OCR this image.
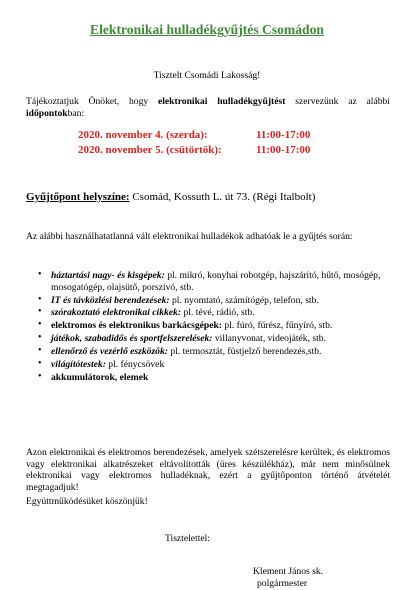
Elektronikai hulladékgyűjtés Csomádon
Tisztelt Csomádi Lakosság!
Tájékoztatjuk Önöket, hogy elektronikai hulladékgyűjtést szervezünk az alábbi időpontokban:
2020. november 4. (szerda):	11:00-17:00
2020. november 5. (csütörtök):	11:00-17:00
Gyűjtőpont helyszíne: Csomád, Kossuth L. út 73. (Régi Italbolt)
Az alábbi használhatatlanná vált elektronikai hulladékok adhatóak le a gyűjtés során:
• háztartási nagy- és kisgépek: pl. mikró, konyhai robotgép, hajszárító, hűtő, mosógép, mosogatógép, olajsütő, porszívó, stb.
• IT és távközlési berendezések: pl. nyomtató, számítógép, telefon, stb.
• szórakoztató elektronikai cikkek: pl. tévé, rádió, stb.
• elektromos és elektronikus barkácsgépek: pl. fúró, fűrész, fűnyíró, stb.
• játékok, szabadidős és sportfelszerelések: villanyvonat, videojáték, stb.
• ellenőrző és vezérlő eszközök: pl. termosztát, füstjelző berendezés,stb.
• világítótestek: pl. fénycsövek
• akkumulátorok, elemek
Azon elektronikai és elektromos berendezések, amelyek szétszerelésre kerültek, és elektromos vagy elektronikai alkatrészeket eltávolították (üres készülékház), már nem minősülnek elektronikai vagy elektromos hulladéknak, ezért a gyűjtőponton történő átvételét megtagadjuk!
Együttműködésüket köszönjük!
Tisztelettel:
Klement János sk.
polgármester
